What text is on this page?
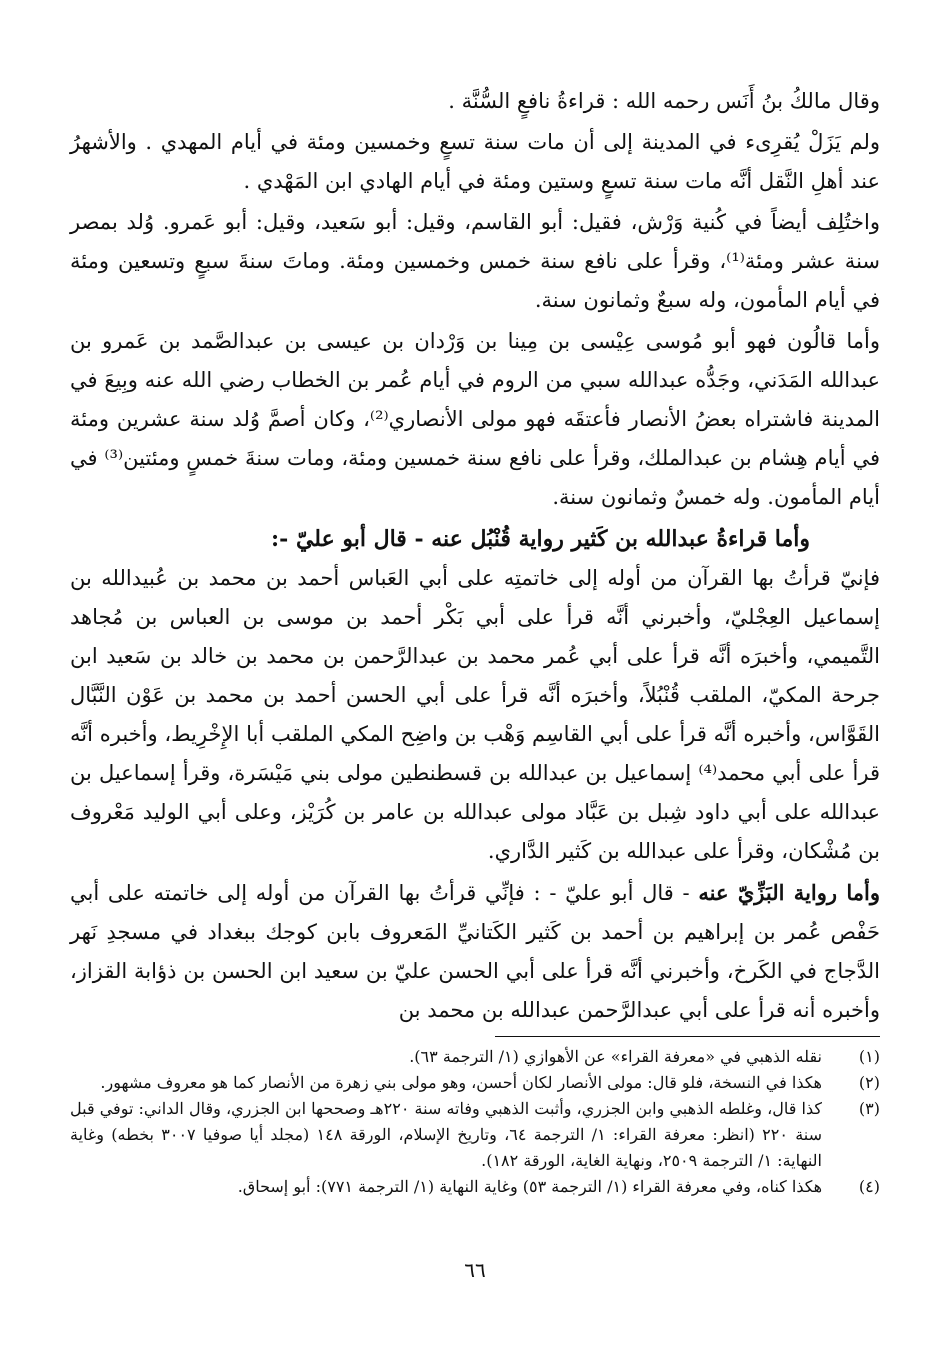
وقال مالكُ بنُ أَنَس رحمه الله : قراءةُ نافعٍ السُّنَّة .

ولم يَزَلْ يُقرِىء في المدينة إلى أن مات سنة تسعٍ وخمسين ومئة في أيام المهدي . والأشهرُ عند أهلِ النَّقل أنَّه مات سنة تسعٍ وستين ومئة في أيام الهادي ابن المَهْدي .

واختُلِف أيضاً في كُنية وَرْش، فقيل: أبو القاسم، وقيل: أبو سَعيد، وقيل: أبو عَمرو. وُلد بمصر سنة عشر ومئة⁽¹⁾، وقرأ على نافع سنة خمس وخمسين ومئة. وماتَ سنةَ سبعٍ وتسعين ومئة في أيام المأمون، وله سبعٌ وثمانون سنة.

وأما قالُون فهو أبو مُوسى عِيْسى بن مِينا بن وَرْدان بن عيسى بن عبدالصَّمد بن عَمرو بن عبدالله المَدَني، وجَدُّه عبدالله سبي من الروم في أيام عُمر بن الخطاب رضي الله عنه وبِيعَ في المدينة فاشتراه بعضُ الأنصار فأعتقَه فهو مولى الأنصاري⁽²⁾، وكان أصمَّ وُلد سنة عشرين ومئة في أيام هِشام بن عبدالملك، وقرأ على نافع سنة خمسين ومئة، ومات سنةَ خمسٍ ومئتين⁽³⁾ في أيام المأمون. وله خمسٌ وثمانون سنة.

وأما قراءةُ عبدالله بن كَثير رواية قُنْبُل عنه - قال أبو عليّ -:

فإنيّ قرأتُ بها القرآن من أوله إلى خاتمتِه على أبي العَباس أحمد بن محمد بن عُبيدالله بن إسماعيل العِجْليّ، وأخبرني أنَّه قرأ على أبي بَكْر أحمد بن موسى بن العباس بن مُجاهد التَّميمي، وأخبرَه أنَّه قرأ على أبي عُمر محمد بن عبدالرَّحمن بن محمد بن خالد بن سَعيد ابن جرحة المكيّ، الملقب قُنْبُلاً، وأخبرَه أنَّه قرأ على أبي الحسن أحمد بن محمد بن عَوْن النَّبَّال القَوَّاس، وأخبره أنَّه قرأ على أبي القاسِم وَهْب بن واضِح المكي الملقب أبا الإِخْرِيط، وأخبره أنَّه قرأ على أبي محمد⁽⁴⁾ إسماعيل بن عبدالله بن قسطنطين مولى بني مَيْسَرة، وقرأ إسماعيل بن عبدالله على أبي داود شِبل بن عَبَّاد مولى عبدالله بن عامر بن كُرَيْز، وعلى أبي الوليد مَعْروف بن مُشْكان، وقرأ على عبدالله بن كَثير الدَّاري.

وأما رواية البَزِّيّ عنه - قال أبو عليّ - : فإنِّي قرأتُ بها القرآن من أوله إلى خاتمته على أبي حَفْص عُمر بن إبراهيم بن أحمد بن كَثير الكَتانيِّ المَعروف بابن كوجك ببغداد في مسجدِ نَهر الدَّجاج في الكَرخ، وأخبرني أنَّه قرأ على أبي الحسن عليّ بن سعيد ابن الحسن بن ذؤابة القزاز، وأخبره أنه قرأ على أبي عبدالرَّحمن عبدالله بن محمد بن

(١)
نقله الذهبي في «معرفة القراء» عن الأهوازي (١/ الترجمة ٦٣).
(٢)
هكذا في النسخة، فلو قال: مولى الأنصار لكان أحسن، وهو مولى بني زهرة من الأنصار كما هو معروف مشهور.
(٣)
كذا قال، وغلطه الذهبي وابن الجزري، وأثبت الذهبي وفاته سنة ٢٢٠هـ وصححها ابن الجزري، وقال الداني: توفي قبل سنة ٢٢٠ (انظر: معرفة القراء: ١/ الترجمة ٦٤، وتاريخ الإسلام، الورقة ١٤٨ (مجلد أيا صوفيا ٣٠٠٧ بخطه) وغاية النهاية: ١/ الترجمة ٢٥٠٩، ونهاية الغاية، الورقة ١٨٢).
(٤)
هكذا كناه، وفي معرفة القراء (١/ الترجمة ٥٣) وغاية النهاية (١/ الترجمة ٧٧١): أبو إسحاق.
٦٦
